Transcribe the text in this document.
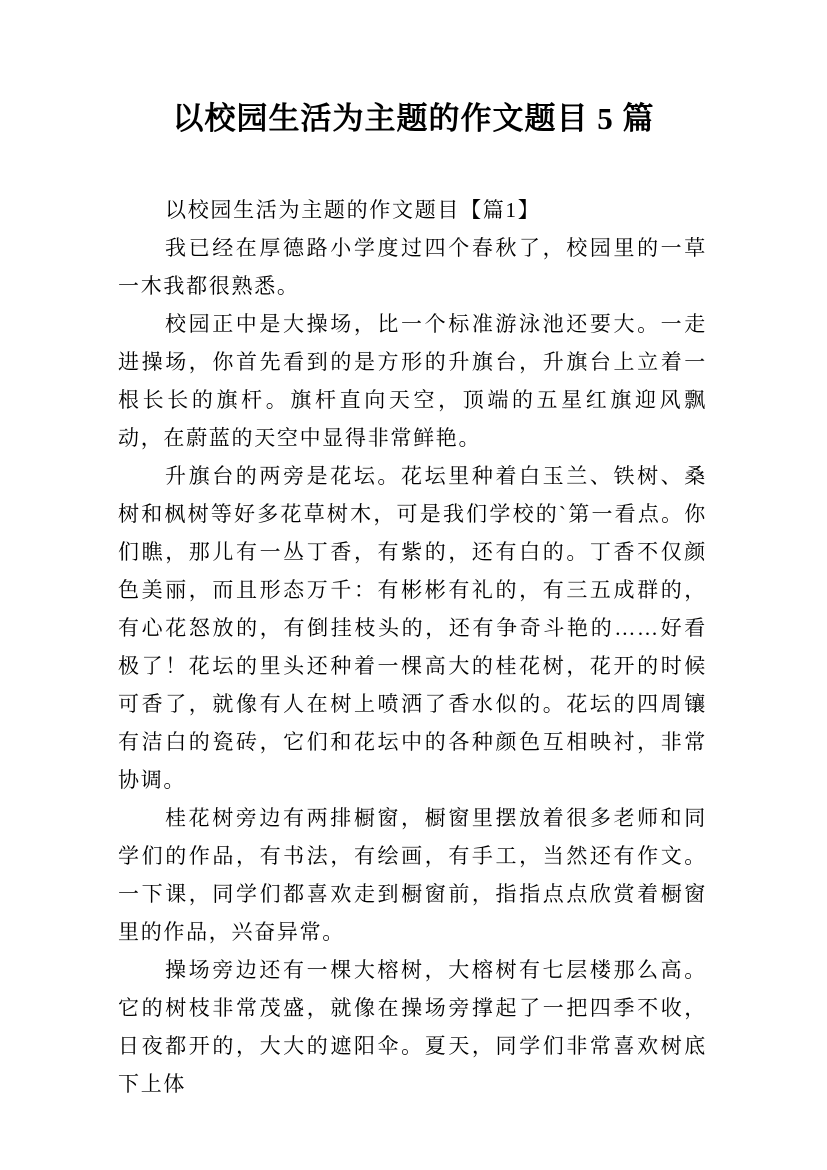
以校园生活为主题的作文题目 5 篇

以校园生活为主题的作文题目【篇1】

我已经在厚德路小学度过四个春秋了，校园里的一草一木我都很熟悉。

校园正中是大操场，比一个标准游泳池还要大。一走进操场，你首先看到的是方形的升旗台，升旗台上立着一根长长的旗杆。旗杆直向天空，顶端的五星红旗迎风飘动，在蔚蓝的天空中显得非常鲜艳。

升旗台的两旁是花坛。花坛里种着白玉兰、铁树、桑树和枫树等好多花草树木，可是我们学校的`第一看点。你们瞧，那儿有一丛丁香，有紫的，还有白的。丁香不仅颜色美丽，而且形态万千：有彬彬有礼的，有三五成群的，有心花怒放的，有倒挂枝头的，还有争奇斗艳的……好看极了！花坛的里头还种着一棵高大的桂花树，花开的时候可香了，就像有人在树上喷洒了香水似的。花坛的四周镶有洁白的瓷砖，它们和花坛中的各种颜色互相映衬，非常协调。

桂花树旁边有两排橱窗，橱窗里摆放着很多老师和同学们的作品，有书法，有绘画，有手工，当然还有作文。一下课，同学们都喜欢走到橱窗前，指指点点欣赏着橱窗里的作品，兴奋异常。

操场旁边还有一棵大榕树，大榕树有七层楼那么高。它的树枝非常茂盛，就像在操场旁撑起了一把四季不收，日夜都开的，大大的遮阳伞。夏天，同学们非常喜欢树底下上体
